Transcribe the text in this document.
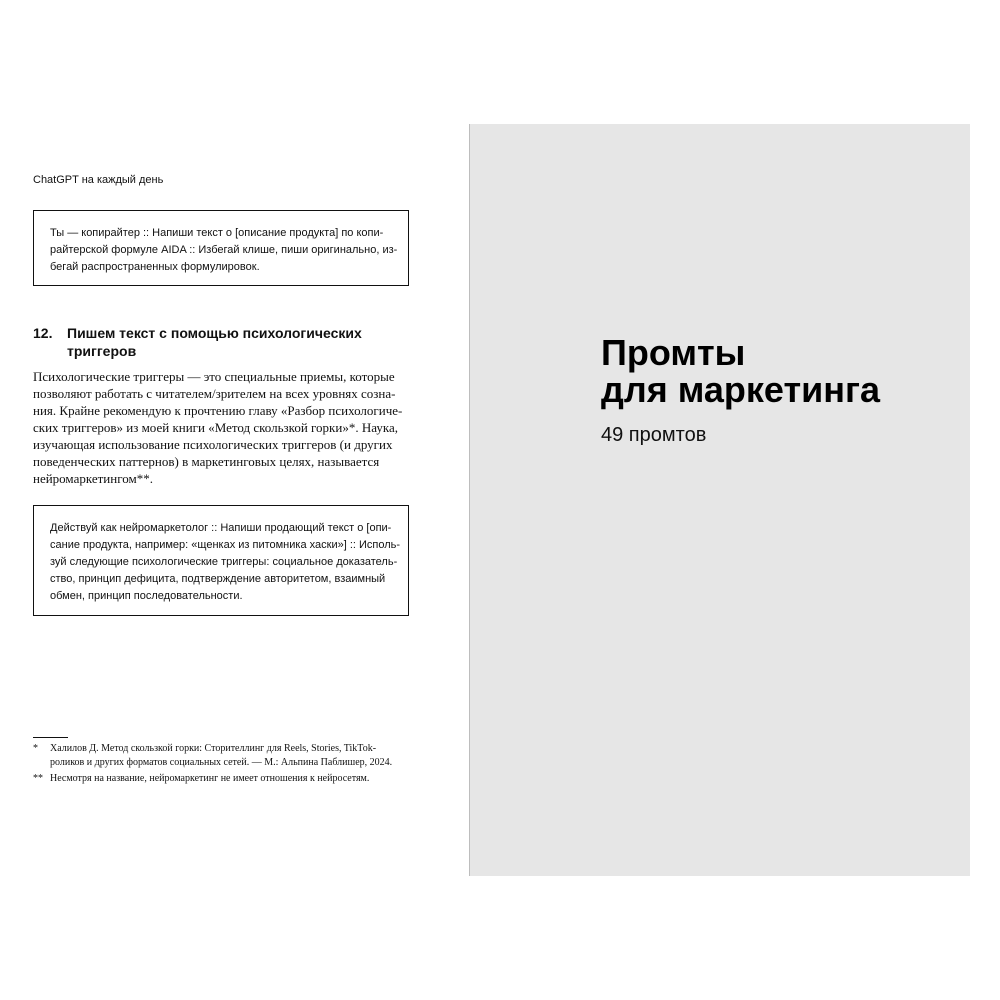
ChatGPT на каждый день
Ты — копирайтер :: Напиши текст о [описание продукта] по копи-
райтерской формуле AIDA :: Избегай клише, пиши оригинально, из-
бегай распространенных формулировок.
12. Пишем текст с помощью психологических
триггеров
Психологические триггеры — это специальные приемы, которые
позволяют работать с читателем/зрителем на всех уровнях созна-
ния. Крайне рекомендую к прочтению главу «Разбор психологиче-
ских триггеров» из моей книги «Метод скользкой горки»*. Наука,
изучающая использование психологических триггеров (и других
поведенческих паттернов) в маркетинговых целях, называется
нейромаркетингом**.
Действуй как нейромаркетолог :: Напиши продающий текст о [опи-
сание продукта, например: «щенках из питомника хаски»] :: Исполь-
зуй следующие психологические триггеры: социальное доказатель-
ство, принцип дефицита, подтверждение авторитетом, взаимный
обмен, принцип последовательности.
* Халилов Д. Метод скользкой горки: Сторителлинг для Reels, Stories, TikTok-
роликов и других форматов социальных сетей. — М.: Альпина Паблишер, 2024.
** Несмотря на название, нейромаркетинг не имеет отношения к нейросетям.
Промты
для маркетинга
49 промтов
